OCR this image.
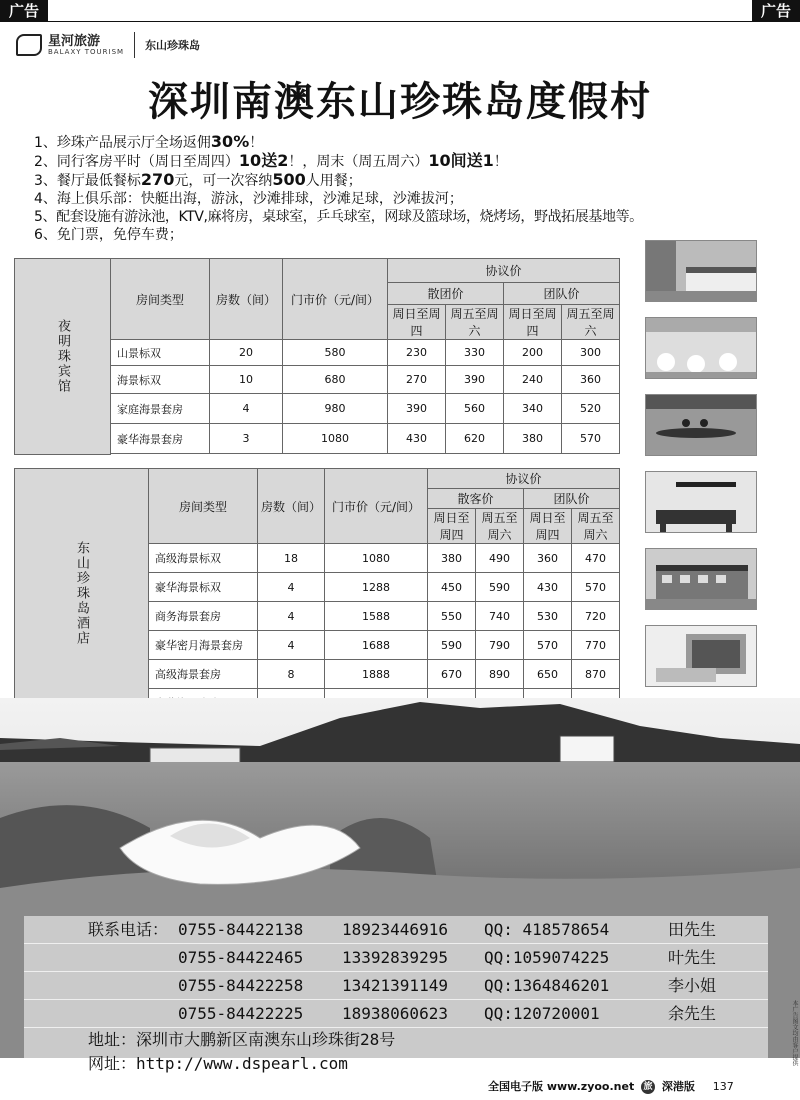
广告	广告
星河旅游
BALAXY TOURISM 东山珍珠岛
深圳南澳东山珍珠岛度假村
1、珍珠产品展示厅全场返佣30%！
2、同行客房平时（周日至周四）10送2！，周末（周五周六）10间送1！
3、餐厅最低餐标270元，可一次容纳500人用餐；
4、海上俱乐部：快艇出海，游泳，沙滩排球，沙滩足球，沙滩拔河；
5、配套设施有游泳池，KTV,麻将房，桌球室，乒乓球室，网球及篮球场，烧烤场，野战拓展基地等。
6、免门票，免停车费；
夜明珠宾馆	房间类型	房数（间）	门市价（元/间）	协议价			
				散团价		团队价	
				周日至周四	周五至周六	周日至周四	周五至周六
	山景标双	20	580	230	330	200	300
	海景标双	10	680	270	390	240	360
	家庭海景套房	4	980	390	560	340	520
	豪华海景套房	3	1080	430	620	380	570

东山珍珠岛酒店	房间类型	房数（间）	门市价（元/间）	协议价			
				散客价		团队价	
				周日至周四	周五至周六	周日至周四	周五至周六
	高级海景标双	18	1080	380	490	360	470
	豪华海景标双	4	1288	450	590	430	570
	商务海景套房	4	1588	550	740	530	720
	豪华密月海景套房	4	1688	590	790	570	770
	高级海景套房	8	1888	670	890	650	870

联系电话： 0755-84422138 18923446916 QQ: 418578654	田先生
0755-84422465 13392839295 QQ:1059074225	叶先生
0755-84422258 13421391149 QQ:1364846201	李小姐
0755-84422225 18938060623 QQ:120720001	余先生
地址：深圳市大鹏新区南澳东山珍珠街28号
网址：http://www.dspearl.com	本广告图文均由客户提供
全国电子版 www.zyoo.net 旅 深港版 137
